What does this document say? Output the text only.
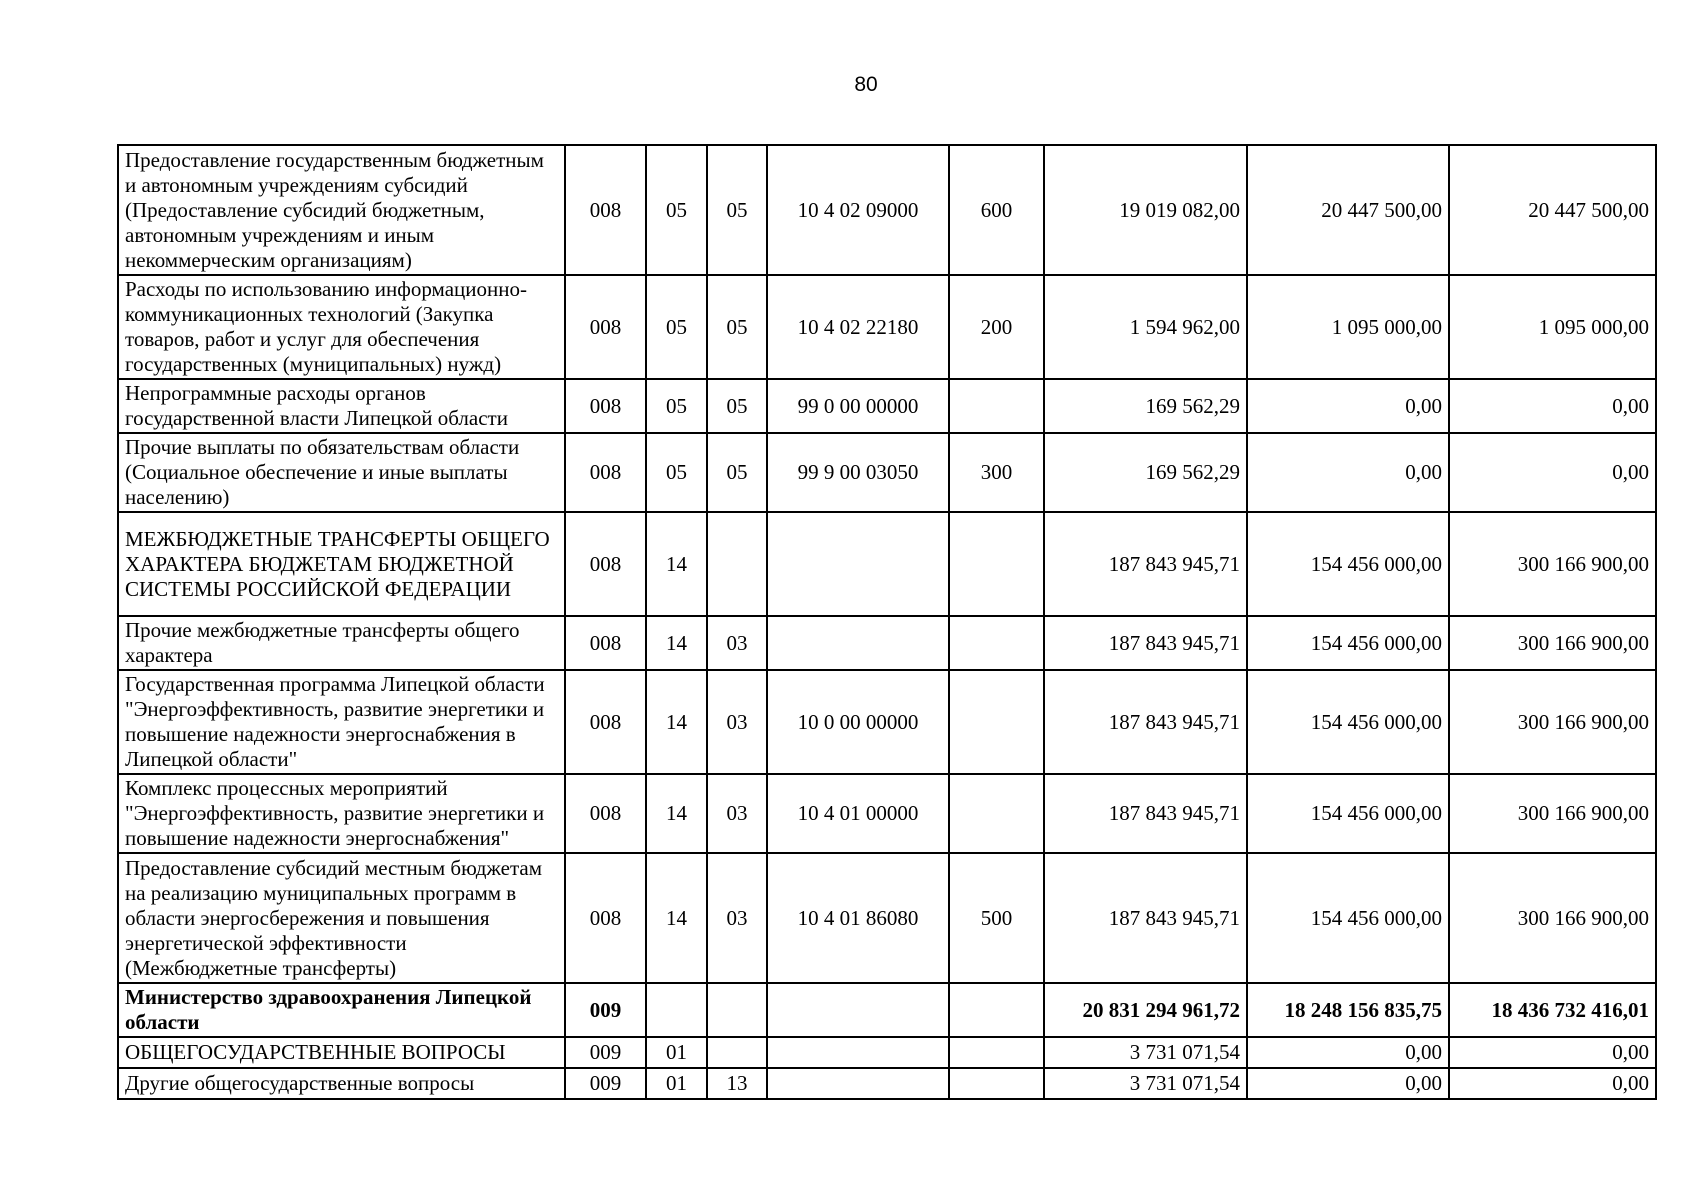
80
Предоставление государственным бюджетным и автономным учреждениям субсидий (Предоставление субсидий бюджетным, автономным учреждениям и иным некоммерческим организациям)	008	05	05	10 4 02 09000	600	19 019 082,00	20 447 500,00	20 447 500,00
Расходы по использованию информационно-коммуникационных технологий (Закупка товаров, работ и услуг для обеспечения государственных (муниципальных) нужд)	008	05	05	10 4 02 22180	200	1 594 962,00	1 095 000,00	1 095 000,00
Непрограммные расходы органов государственной власти Липецкой области	008	05	05	99 0 00 00000		169 562,29	0,00	0,00
Прочие выплаты по обязательствам области (Социальное обеспечение и иные выплаты населению)	008	05	05	99 9 00 03050	300	169 562,29	0,00	0,00
МЕЖБЮДЖЕТНЫЕ ТРАНСФЕРТЫ ОБЩЕГО ХАРАКТЕРА БЮДЖЕТАМ БЮДЖЕТНОЙ СИСТЕМЫ РОССИЙСКОЙ ФЕДЕРАЦИИ	008	14				187 843 945,71	154 456 000,00	300 166 900,00
Прочие межбюджетные трансферты общего характера	008	14	03			187 843 945,71	154 456 000,00	300 166 900,00
Государственная программа Липецкой области "Энергоэффективность, развитие энергетики и повышение надежности энергоснабжения в Липецкой области"	008	14	03	10 0 00 00000		187 843 945,71	154 456 000,00	300 166 900,00
Комплекс процессных мероприятий "Энергоэффективность, развитие энергетики и повышение надежности энергоснабжения"	008	14	03	10 4 01 00000		187 843 945,71	154 456 000,00	300 166 900,00
Предоставление субсидий местным бюджетам на реализацию муниципальных программ в области энергосбережения и повышения энергетической эффективности (Межбюджетные трансферты)	008	14	03	10 4 01 86080	500	187 843 945,71	154 456 000,00	300 166 900,00
Министерство здравоохранения Липецкой области	009					20 831 294 961,72	18 248 156 835,75	18 436 732 416,01
ОБЩЕГОСУДАРСТВЕННЫЕ ВОПРОСЫ	009	01				3 731 071,54	0,00	0,00
Другие общегосударственные вопросы	009	01	13			3 731 071,54	0,00	0,00
